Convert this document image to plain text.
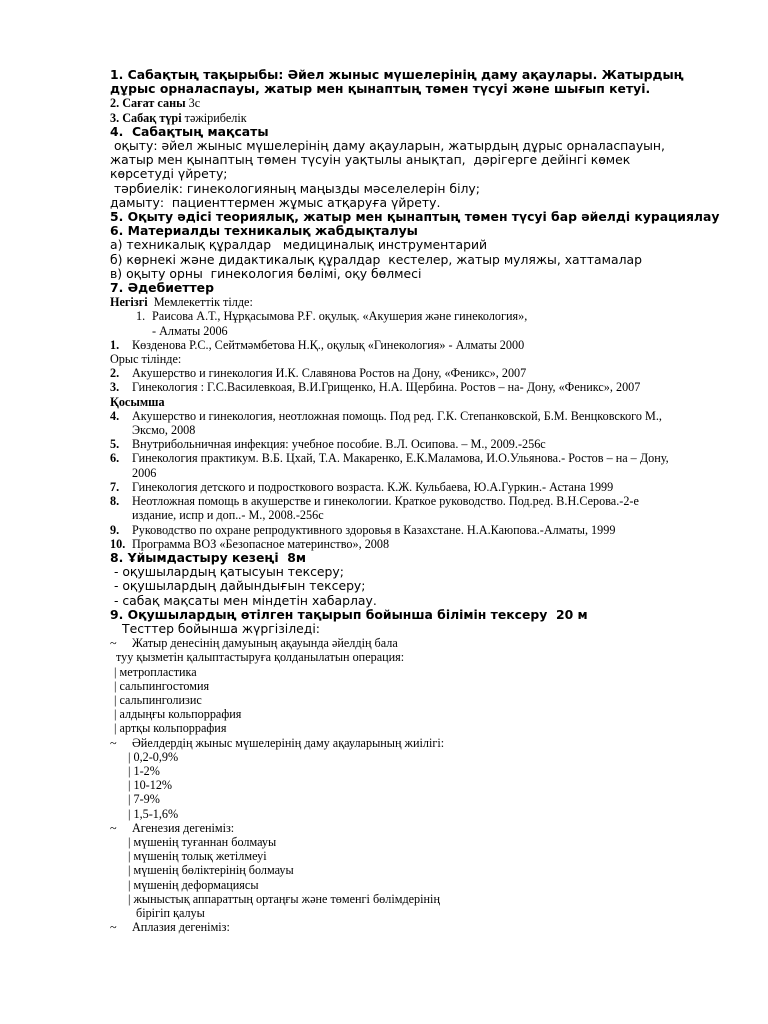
1. Сабақтың тақырыбы: Әйел жыныс мүшелерінің даму ақаулары. Жатырдың дұрыс орналаспауы, жатыр мен қынаптың төмен түсуі және шығып кетуі.
2. Сағат саны 3с
3. Сабақ түрі тәжірибелік
4.  Сабақтың мақсаты
оқыту: әйел жыныс мүшелерінің даму ақауларын, жатырдың дұрыс орналаспауын,
жатыр мен қынаптың төмен түсуін уақтылы анықтап,  дәрігерге дейінгі көмек
көрсетуді үйрету;
тәрбиелік: гинекологияның маңызды мәселелерін білу;
дамыту:  пациенттермен жұмыс атқаруға үйрету.
5. Оқыту әдісі теориялық, жатыр мен қынаптың төмен түсуі бар әйелді курациялау
6. Материалды техникалық жабдықталуы
а) техникалық құралдар   медициналық инструментарий
б) көрнекі және дидактикалық құралдар  кестелер, жатыр муляжы, хаттамалар
в) оқыту орны  гинекология бөлімі, оқу бөлмесі
7. Әдебиеттер
Негізгі Мемлекеттік тілде:
1. Раисова А.Т., Нұрқасымова Р.Ғ. оқулық. «Акушерия және гинекология»,
- Алматы 2006
1.	Көзденова Р.С., Сейтмәмбетова Н.Қ., оқулық «Гинекология» - Алматы 2000
Орыс тілінде:
2.	Акушерство и гинекология И.К. Славянова Ростов на Дону, «Феникс», 2007
3.	Гинекология : Г.С.Василевкоая, В.И.Грищенко, Н.А. Щербина. Ростов – на- Дону, «Феникс», 2007
Қосымша
4.	Акушерство и гинекология, неотложная помощь. Под ред. Г.К. Степанковской, Б.М. Венцковского М.,
Эксмо, 2008
5.	Внутрибольничная инфекция: учебное пособие. В.Л. Осипова. – М., 2009.-256с
6.	Гинекология практикум. В.Б. Цхай, Т.А. Макаренко, Е.К.Маламова, И.О.Ульянова.- Ростов – на – Дону,
2006
7.	Гинекология детского и подросткового возраста. К.Ж. Кульбаева, Ю.А.Гуркин.- Астана 1999
8.	Неотложная помощь в акушерстве и гинекологии. Краткое руководство. Под.ред. В.Н.Серова.-2-е
издание, испр и доп..- М., 2008.-256с
9.	Руководство по охране репродуктивного здоровья в Казахстане. Н.А.Каюпова.-Алматы, 1999
10. Программа ВОЗ «Безопасное материнство», 2008
8. Ұйымдастыру кезеңі  8м
- оқушылардың қатысуын тексеру;
- оқушылардың дайындығын тексеру;
- сабақ мақсаты мен міндетін хабарлау.
9. Оқушылардың өтілген тақырып бойынша білімін тексеру  20 м
Тесттер бойынша жүргізіледі:
~	Жатыр денесінің дамуының ақауында әйелдің бала
туу қызметін қалыптастыруға қолданылатын операция:
| метропластика
| сальпингостомия
| сальпинголизис
| алдыңғы кольпоррафия
| артқы кольпоррафия
~	Әйелдердің жыныс мүшелерінің даму ақауларының жиілігі:
| 0,2-0,9%
| 1-2%
| 10-12%
| 7-9%
| 1,5-1,6%
~	Агенезия дегеніміз:
| мүшенің туғаннан болмауы
| мүшенің толық жетілмеуі
| мүшенің бөліктерінің болмауы
| мүшенің деформациясы
| жыныстық аппараттың ортаңғы және төменгі бөлімдерінің
бірігіп қалуы
~	Аплазия дегеніміз:
